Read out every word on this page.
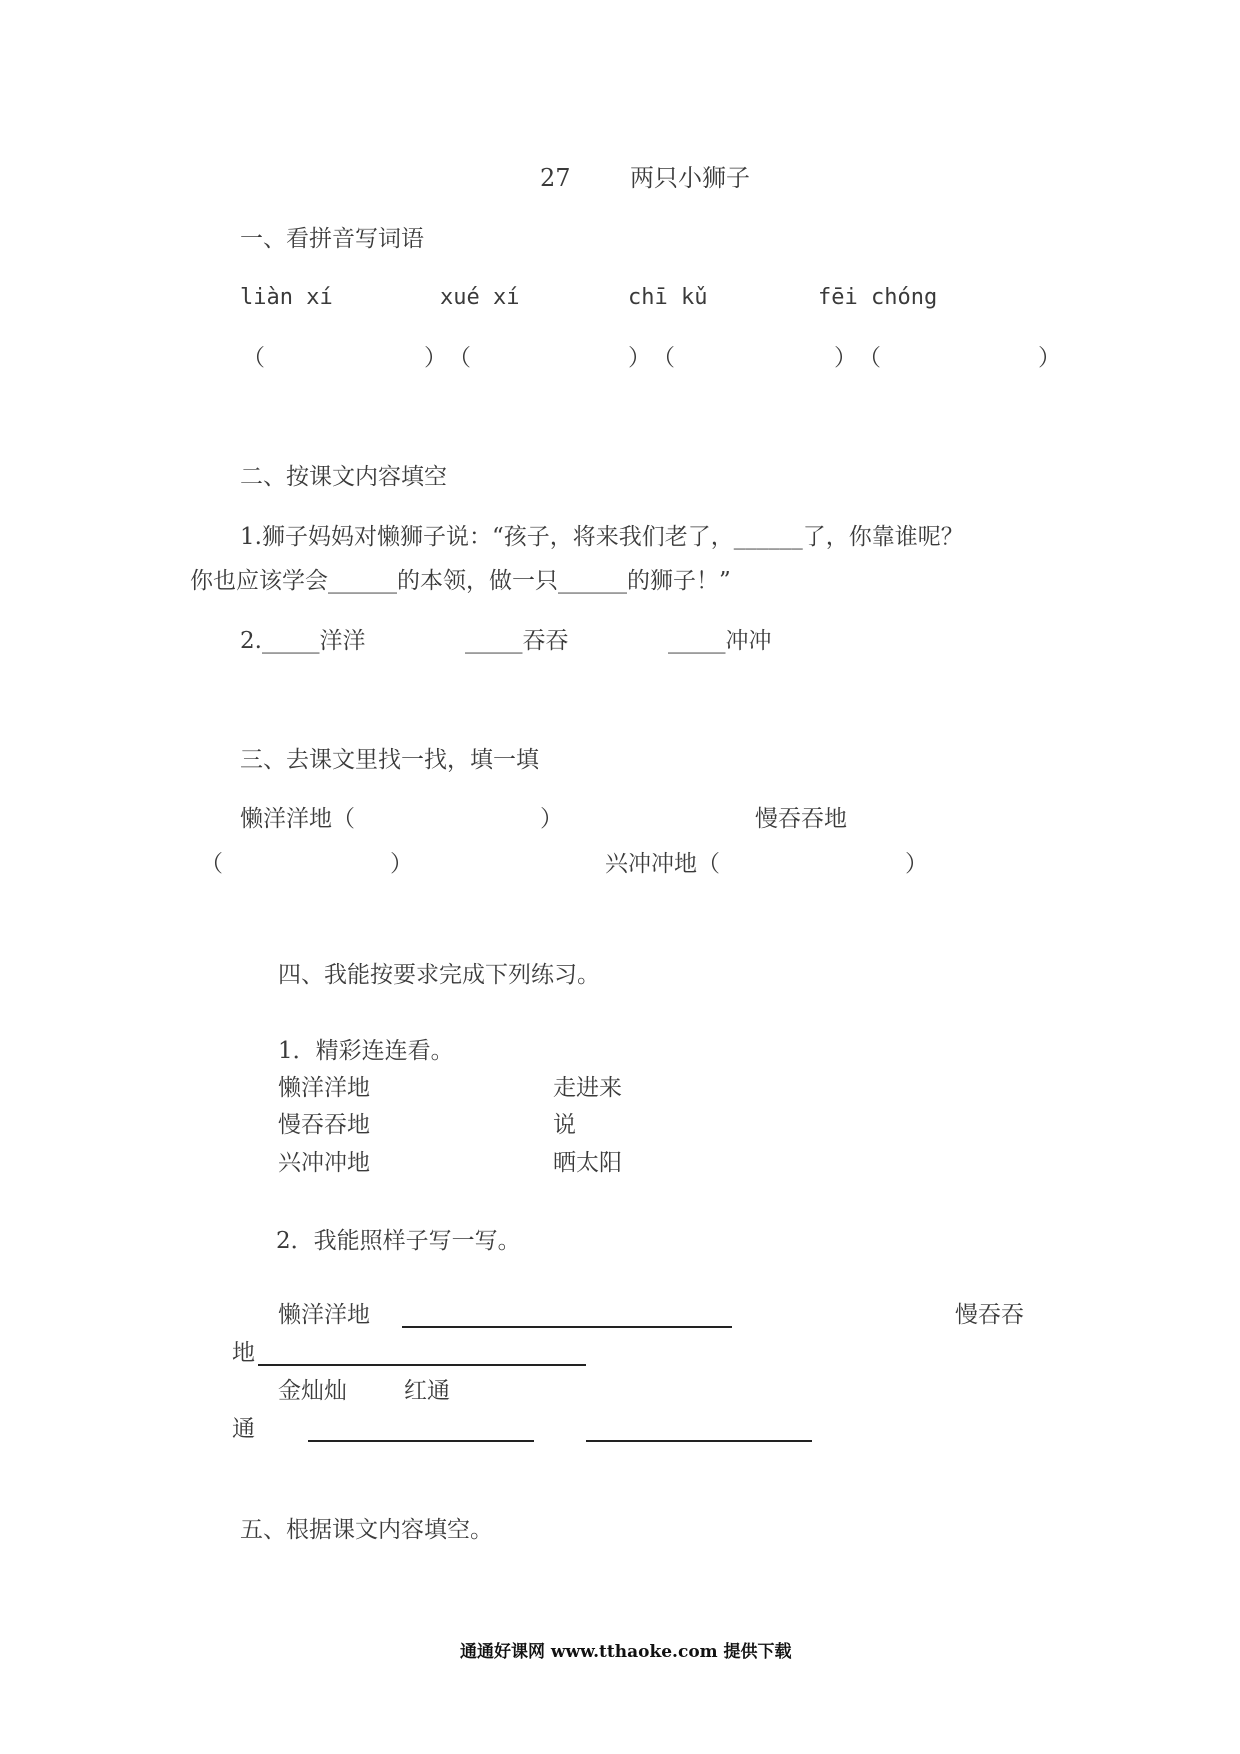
27 两只小狮子
一、看拼音写词语
liàn xí	xué xí	chī kǔ	fēi chóng
（	） （	） （	） （	）
二、按课文内容填空
1.狮子妈妈对懒狮子说：“孩子，将来我们老了，______了，你靠谁呢？
你也应该学会______的本领，做一只______的狮子！”
2._____洋洋	_____吞吞	_____冲冲
三、去课文里找一找，填一填
懒洋洋地（	）	慢吞吞地
（	）	兴冲冲地（	）
四、我能按要求完成下列练习。
1．精彩连连看。
懒洋洋地	走进来
慢吞吞地	说
兴冲冲地	晒太阳
2．我能照样子写一写。
懒洋洋地	慢吞吞
地
金灿灿 红通
通
五、根据课文内容填空。
通通好课网 www.tthaoke.com 提供下载
